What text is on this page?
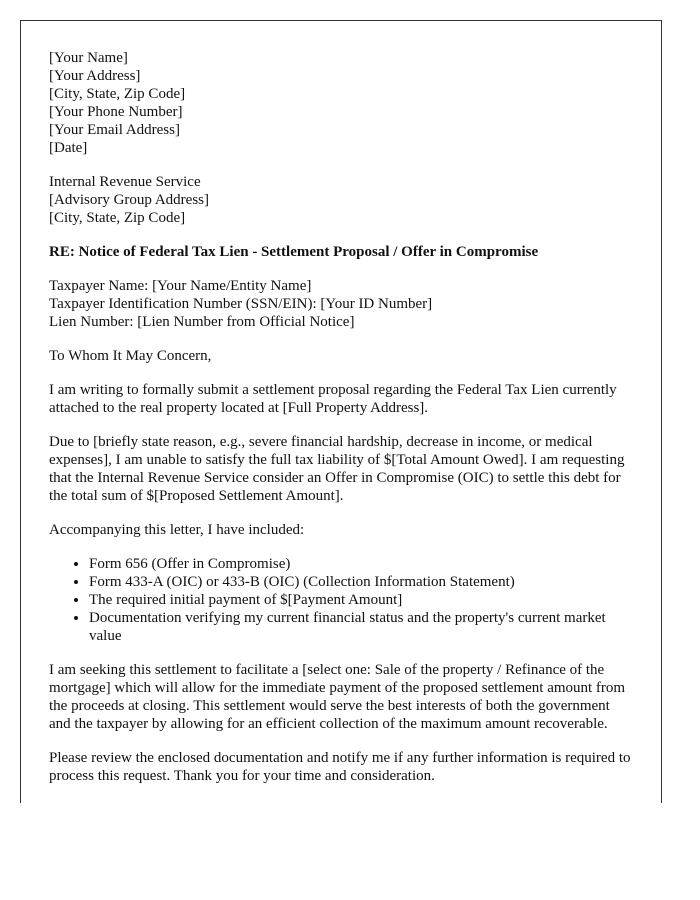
[Your Name]
[Your Address]
[City, State, Zip Code]
[Your Phone Number]
[Your Email Address]
[Date]

Internal Revenue Service
[Advisory Group Address]
[City, State, Zip Code]

RE: Notice of Federal Tax Lien - Settlement Proposal / Offer in Compromise

Taxpayer Name: [Your Name/Entity Name]
Taxpayer Identification Number (SSN/EIN): [Your ID Number]
Lien Number: [Lien Number from Official Notice]

To Whom It May Concern,

I am writing to formally submit a settlement proposal regarding the Federal Tax Lien currently attached to the real property located at [Full Property Address].

Due to [briefly state reason, e.g., severe financial hardship, decrease in income, or medical expenses], I am unable to satisfy the full tax liability of $[Total Amount Owed]. I am requesting that the Internal Revenue Service consider an Offer in Compromise (OIC) to settle this debt for the total sum of $[Proposed Settlement Amount].

Accompanying this letter, I have included:

• Form 656 (Offer in Compromise)
• Form 433-A (OIC) or 433-B (OIC) (Collection Information Statement)
• The required initial payment of $[Payment Amount]
• Documentation verifying my current financial status and the property's current market value

I am seeking this settlement to facilitate a [select one: Sale of the property / Refinance of the mortgage] which will allow for the immediate payment of the proposed settlement amount from the proceeds at closing. This settlement would serve the best interests of both the government and the taxpayer by allowing for an efficient collection of the maximum amount recoverable.

Please review the enclosed documentation and notify me if any further information is required to process this request. Thank you for your time and consideration.
